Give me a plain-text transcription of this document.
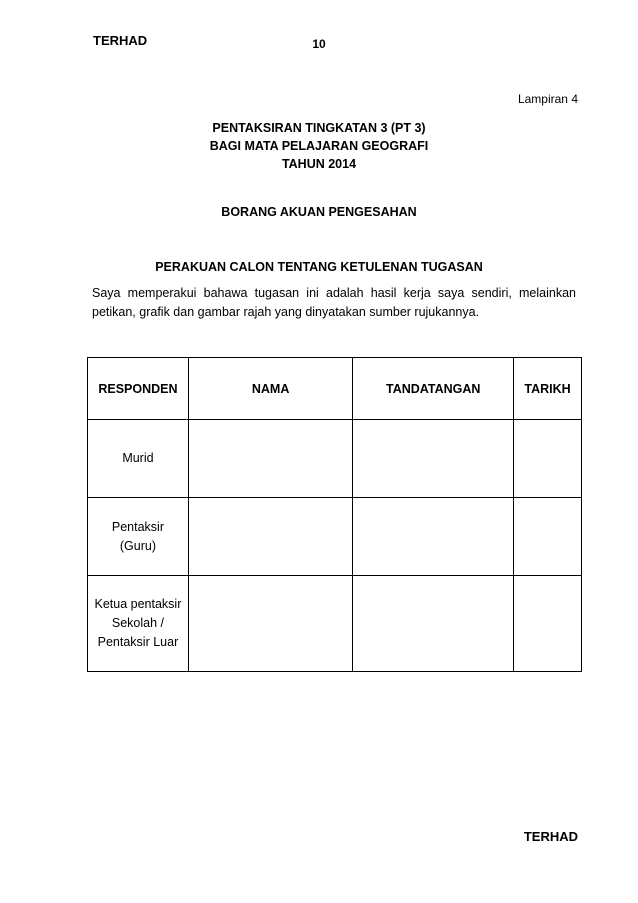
TERHAD	10
Lampiran 4
PENTAKSIRAN TINGKATAN 3 (PT 3)
BAGI MATA PELAJARAN GEOGRAFI
TAHUN 2014
BORANG AKUAN PENGESAHAN
PERAKUAN CALON TENTANG KETULENAN TUGASAN
Saya memperakui bahawa tugasan ini adalah hasil kerja saya sendiri, melainkan petikan, grafik dan gambar rajah yang dinyatakan sumber rujukannya.
RESPONDEN	NAMA	TANDATANGAN	TARIKH

Murid			

Pentaksir
(Guru)			

Ketua pentaksir
Sekolah /
Pentaksir Luar			

TERHAD
